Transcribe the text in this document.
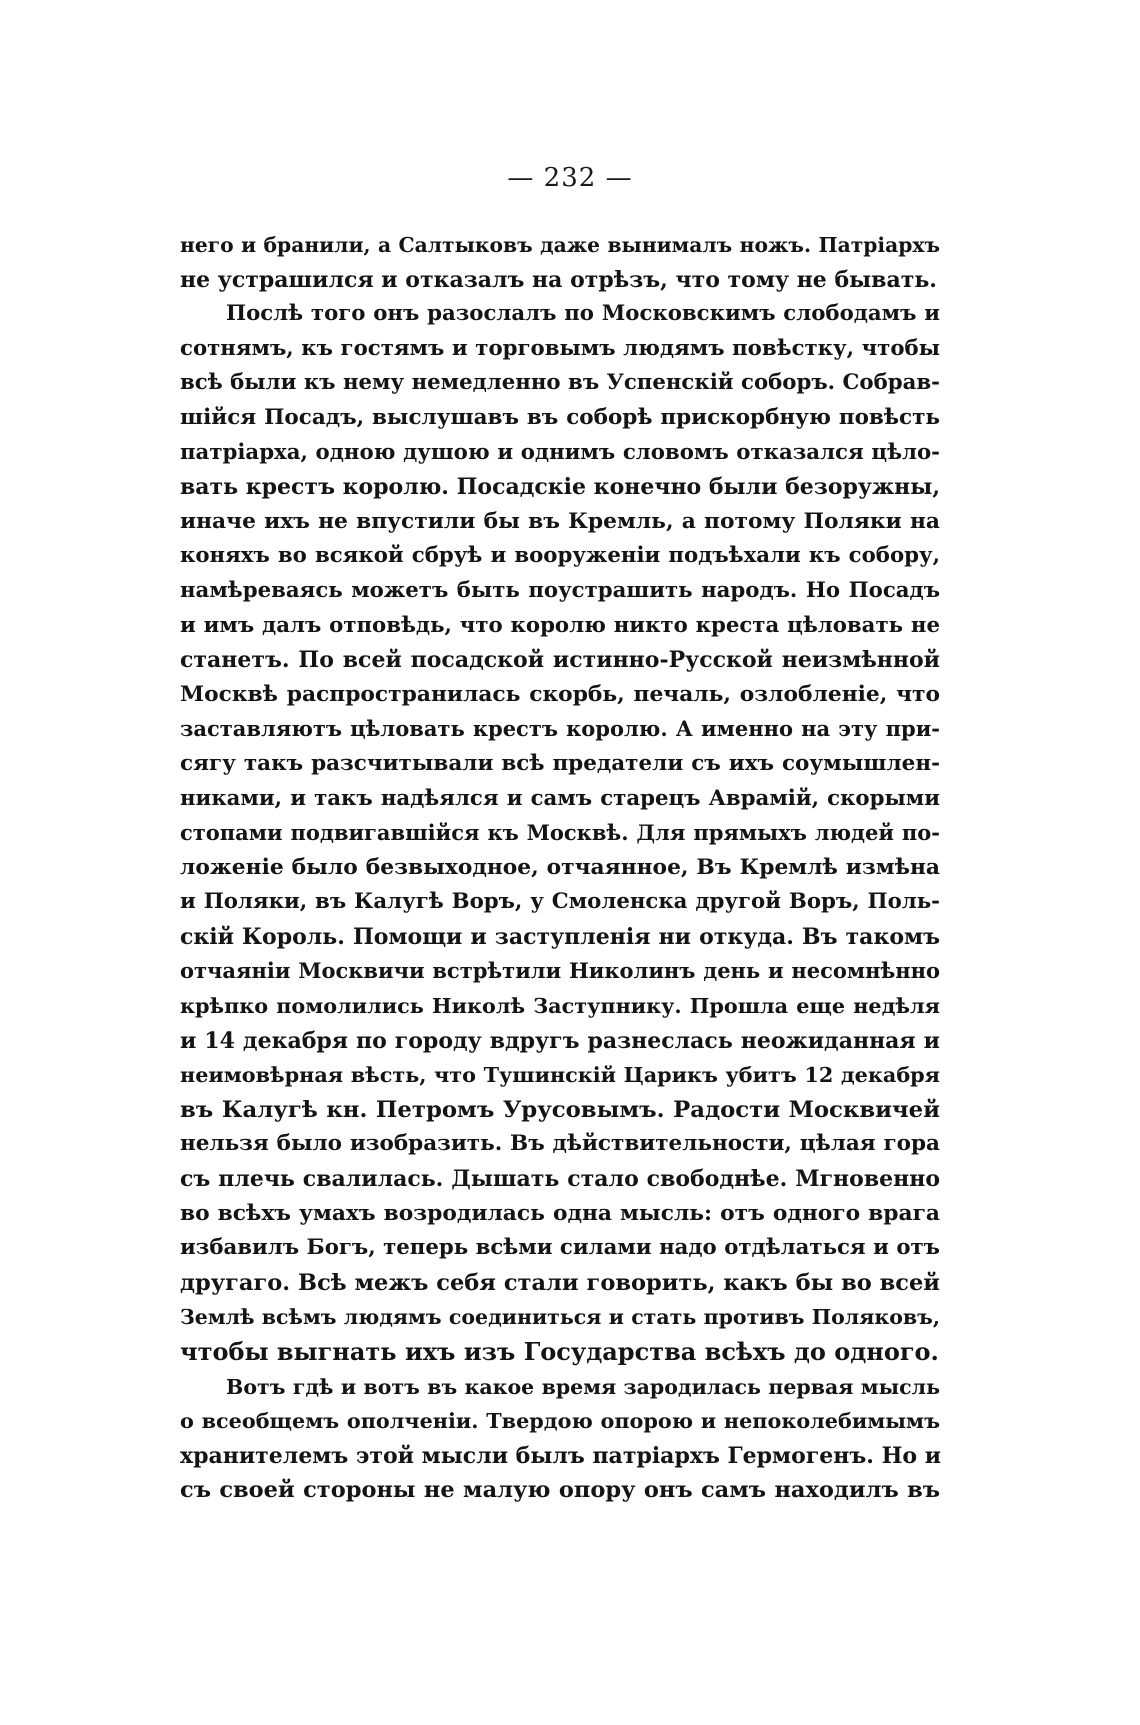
— 232 —

него и бранили, а Салтыковъ даже вынималъ ножъ. Патріархъ
не устрашился и отказалъ на отрѣзъ, что тому не бывать.

Послѣ того онъ разослалъ по Московскимъ слободамъ и
сотнямъ, къ гостямъ и торговымъ людямъ повѣстку, чтобы
всѣ были къ нему немедленно въ Успенскій соборъ. Собрав-
шійся Посадъ, выслушавъ въ соборѣ прискорбную повѣсть
патріарха, одною душою и однимъ словомъ отказался цѣло-
вать крестъ королю. Посадскіе конечно были безоружны,
иначе ихъ не впустили бы въ Кремль, а потому Поляки на
коняхъ во всякой сбруѣ и вооруженіи подъѣхали къ собору,
намѣреваясь можетъ быть поустрашить народъ. Но Посадъ
и имъ далъ отповѣдь, что королю никто креста цѣловать не
станетъ. По всей посадской истинно-Русской неизмѣнной
Москвѣ распространилась скорбь, печаль, озлобленіе, что
заставляютъ цѣловать крестъ королю. А именно на эту при-
сягу такъ разсчитывали всѣ предатели съ ихъ соумышлен-
никами, и такъ надѣялся и самъ старецъ Аврамій, скорыми
стопами подвигавшійся къ Москвѣ. Для прямыхъ людей по-
ложеніе было безвыходное, отчаянное, Въ Кремлѣ измѣна
и Поляки, въ Калугѣ Воръ, у Смоленска другой Воръ, Поль-
скій Король. Помощи и заступленія ни откуда. Въ такомъ
отчаяніи Москвичи встрѣтили Николинъ день и несомнѣнно
крѣпко помолились Николѣ Заступнику. Прошла еще недѣля
и 14 декабря по городу вдругъ разнеслась неожиданная и
неимовѣрная вѣсть, что Тушинскій Царикъ убитъ 12 декабря
въ Калугѣ кн. Петромъ Урусовымъ. Радости Москвичей
нельзя было изобразить. Въ дѣйствительности, цѣлая гора
съ плечь свалилась. Дышать стало свободнѣе. Мгновенно
во всѣхъ умахъ возродилась одна мысль: отъ одного врага
избавилъ Богъ, теперь всѣми силами надо отдѣлаться и отъ
другаго. Всѣ межъ себя стали говорить, какъ бы во всей
Землѣ всѣмъ людямъ соединиться и стать противъ Поляковъ,
чтобы выгнать ихъ изъ Государства всѣхъ до одного.

Вотъ гдѣ и вотъ въ какое время зародилась первая мысль
о всеобщемъ ополченіи. Твердою опорою и непоколебимымъ
хранителемъ этой мысли былъ патріархъ Гермогенъ. Но и
съ своей стороны не малую опору онъ самъ находилъ въ
